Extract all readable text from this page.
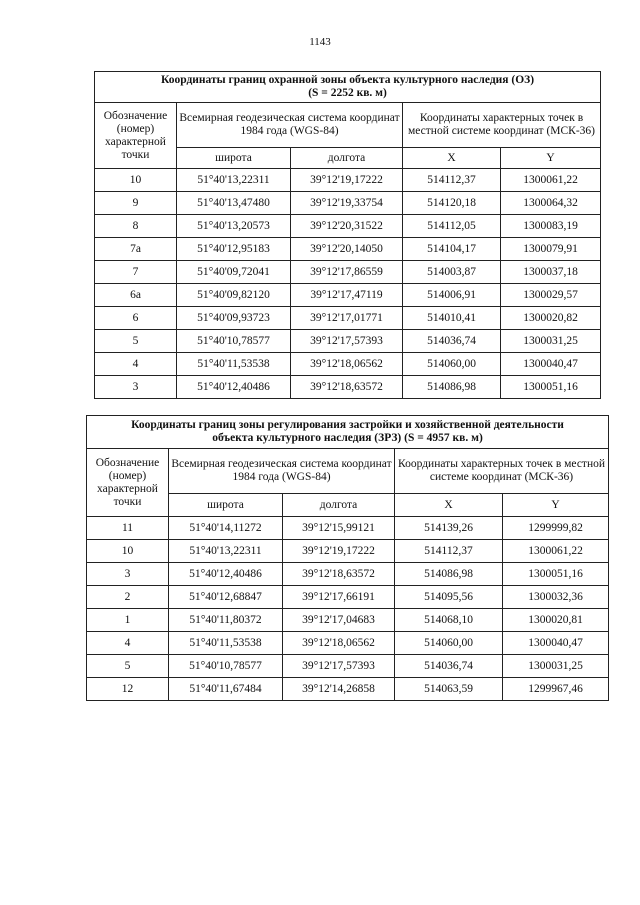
1143
Координаты границ охранной зоны объекта культурного наследия (ОЗ)
(S = 2252 кв. м)				

Обозначение (номер) характерной точки	Всемирная геодезическая система координат 1984 года (WGS-84)		Координаты характерных точек в местной системе координат (МСК-36)	
	широта	долгота	X	Y
10	51°40'13,22311	39°12'19,17222	514112,37	1300061,22
9	51°40'13,47480	39°12'19,33754	514120,18	1300064,32
8	51°40'13,20573	39°12'20,31522	514112,05	1300083,19
7а	51°40'12,95183	39°12'20,14050	514104,17	1300079,91
7	51°40'09,72041	39°12'17,86559	514003,87	1300037,18
6а	51°40'09,82120	39°12'17,47119	514006,91	1300029,57
6	51°40'09,93723	39°12'17,01771	514010,41	1300020,82
5	51°40'10,78577	39°12'17,57393	514036,74	1300031,25
4	51°40'11,53538	39°12'18,06562	514060,00	1300040,47
3	51°40'12,40486	39°12'18,63572	514086,98	1300051,16
Координаты границ зоны регулирования застройки и хозяйственной деятельности
объекта культурного наследия (ЗРЗ) (S = 4957 кв. м)				

Обозначение (номер) характерной точки	Всемирная геодезическая система координат 1984 года (WGS-84)		Координаты характерных точек в местной системе координат (МСК-36)	
	широта	долгота	X	Y
11	51°40'14,11272	39°12'15,99121	514139,26	1299999,82
10	51°40'13,22311	39°12'19,17222	514112,37	1300061,22
3	51°40'12,40486	39°12'18,63572	514086,98	1300051,16
2	51°40'12,68847	39°12'17,66191	514095,56	1300032,36
1	51°40'11,80372	39°12'17,04683	514068,10	1300020,81
4	51°40'11,53538	39°12'18,06562	514060,00	1300040,47
5	51°40'10,78577	39°12'17,57393	514036,74	1300031,25
12	51°40'11,67484	39°12'14,26858	514063,59	1299967,46
